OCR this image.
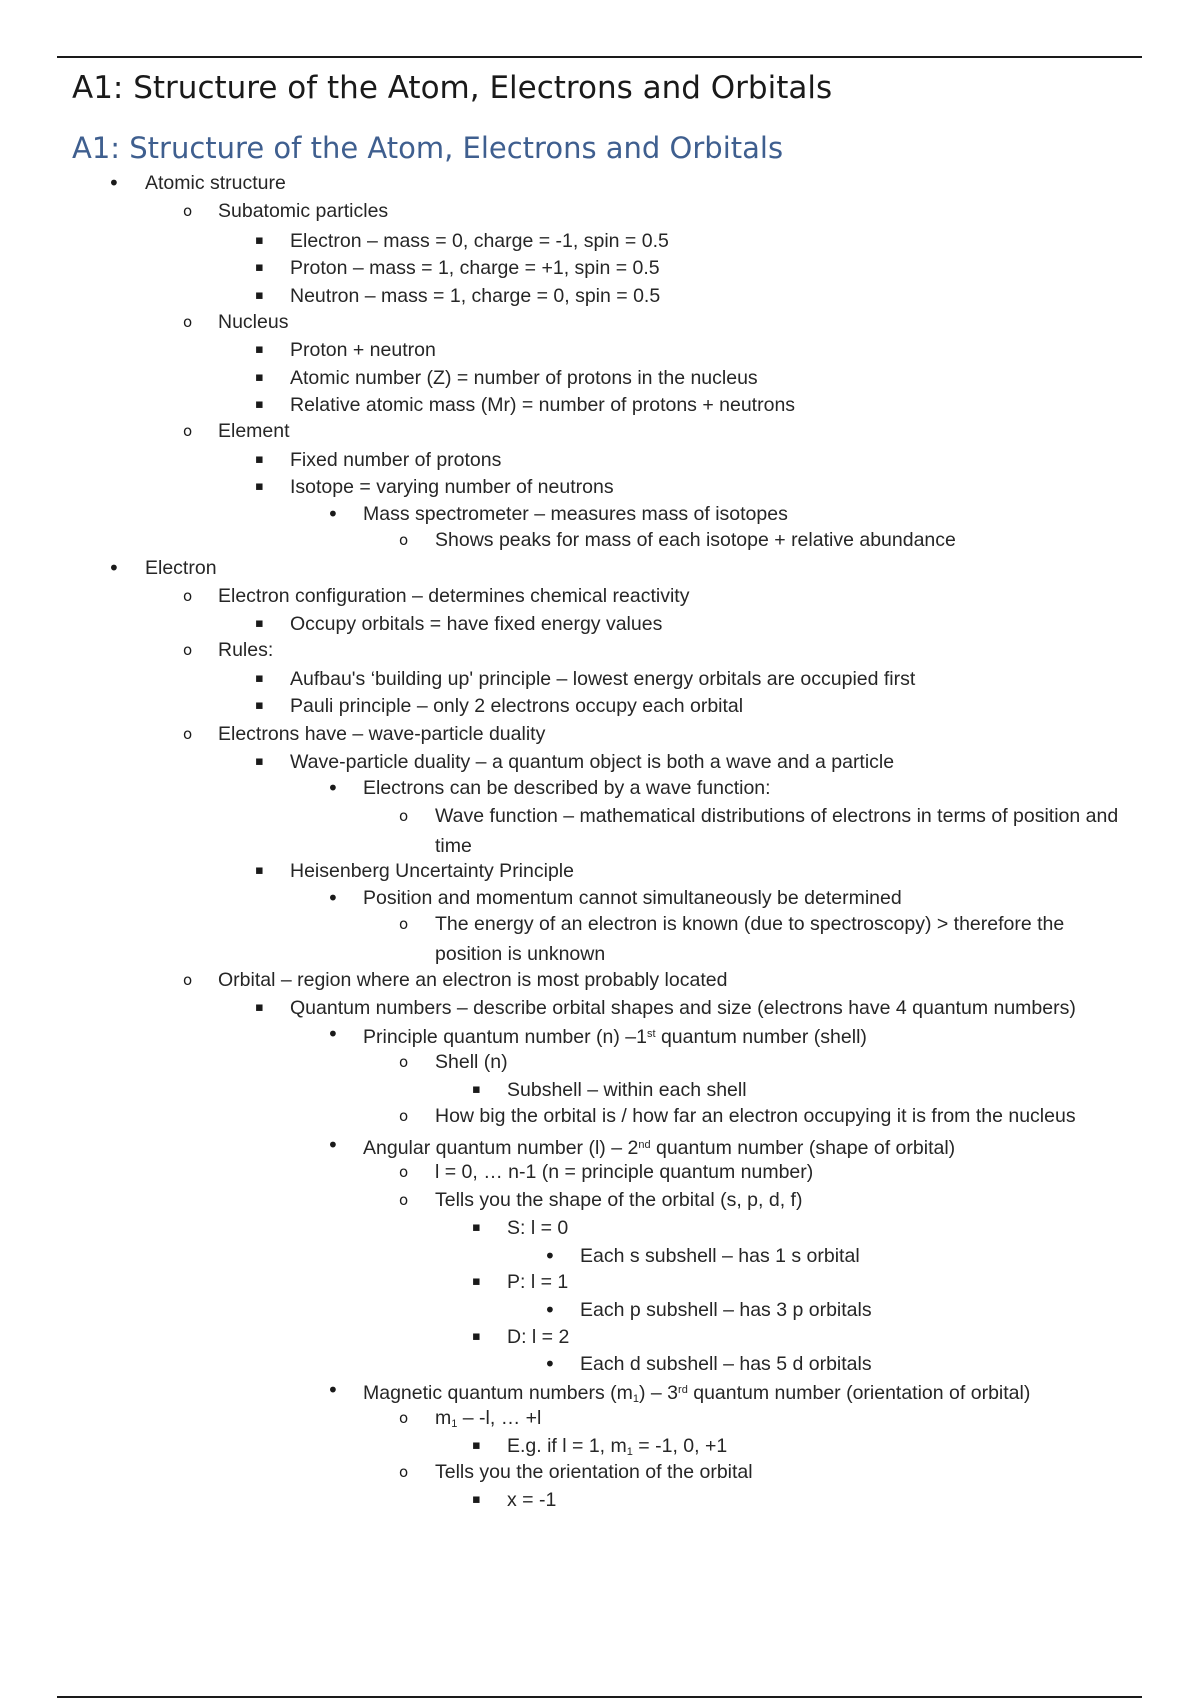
A1: Structure of the Atom, Electrons and Orbitals
A1: Structure of the Atom, Electrons and Orbitals
• Atomic structure
o Subatomic particles
▪ Electron – mass = 0, charge = -1, spin = 0.5
▪ Proton – mass = 1, charge = +1, spin = 0.5
▪ Neutron – mass = 1, charge = 0, spin = 0.5
o Nucleus
▪ Proton + neutron
▪ Atomic number (Z) = number of protons in the nucleus
▪ Relative atomic mass (Mr) = number of protons + neutrons
o Element
▪ Fixed number of protons
▪ Isotope = varying number of neutrons
• Mass spectrometer – measures mass of isotopes
o Shows peaks for mass of each isotope + relative abundance
• Electron
o Electron configuration – determines chemical reactivity
▪ Occupy orbitals = have fixed energy values
o Rules:
▪ Aufbau's ‘building up' principle – lowest energy orbitals are occupied first
▪ Pauli principle – only 2 electrons occupy each orbital
o Electrons have – wave-particle duality
▪ Wave-particle duality – a quantum object is both a wave and a particle
• Electrons can be described by a wave function:
o Wave function – mathematical distributions of electrons in terms of position and time
▪ Heisenberg Uncertainty Principle
• Position and momentum cannot simultaneously be determined
o The energy of an electron is known (due to spectroscopy) > therefore the position is unknown
o Orbital – region where an electron is most probably located
▪ Quantum numbers – describe orbital shapes and size (electrons have 4 quantum numbers)
• Principle quantum number (n) –1st quantum number (shell)
o Shell (n)
▪ Subshell – within each shell
o How big the orbital is / how far an electron occupying it is from the nucleus
• Angular quantum number (l) – 2nd quantum number (shape of orbital)
o l = 0, … n-1 (n = principle quantum number)
o Tells you the shape of the orbital (s, p, d, f)
▪ S: l = 0
• Each s subshell – has 1 s orbital
▪ P: l = 1
• Each p subshell – has 3 p orbitals
▪ D: l = 2
• Each d subshell – has 5 d orbitals
• Magnetic quantum numbers $(m_1) - 3rd$ quantum number (orientation of orbital)
o $m_1 - -l$, … +l
▪ E.g. if l = 1, $m_1 = -1$, 0, +1
o Tells you the orientation of the orbital
▪ x = -1
